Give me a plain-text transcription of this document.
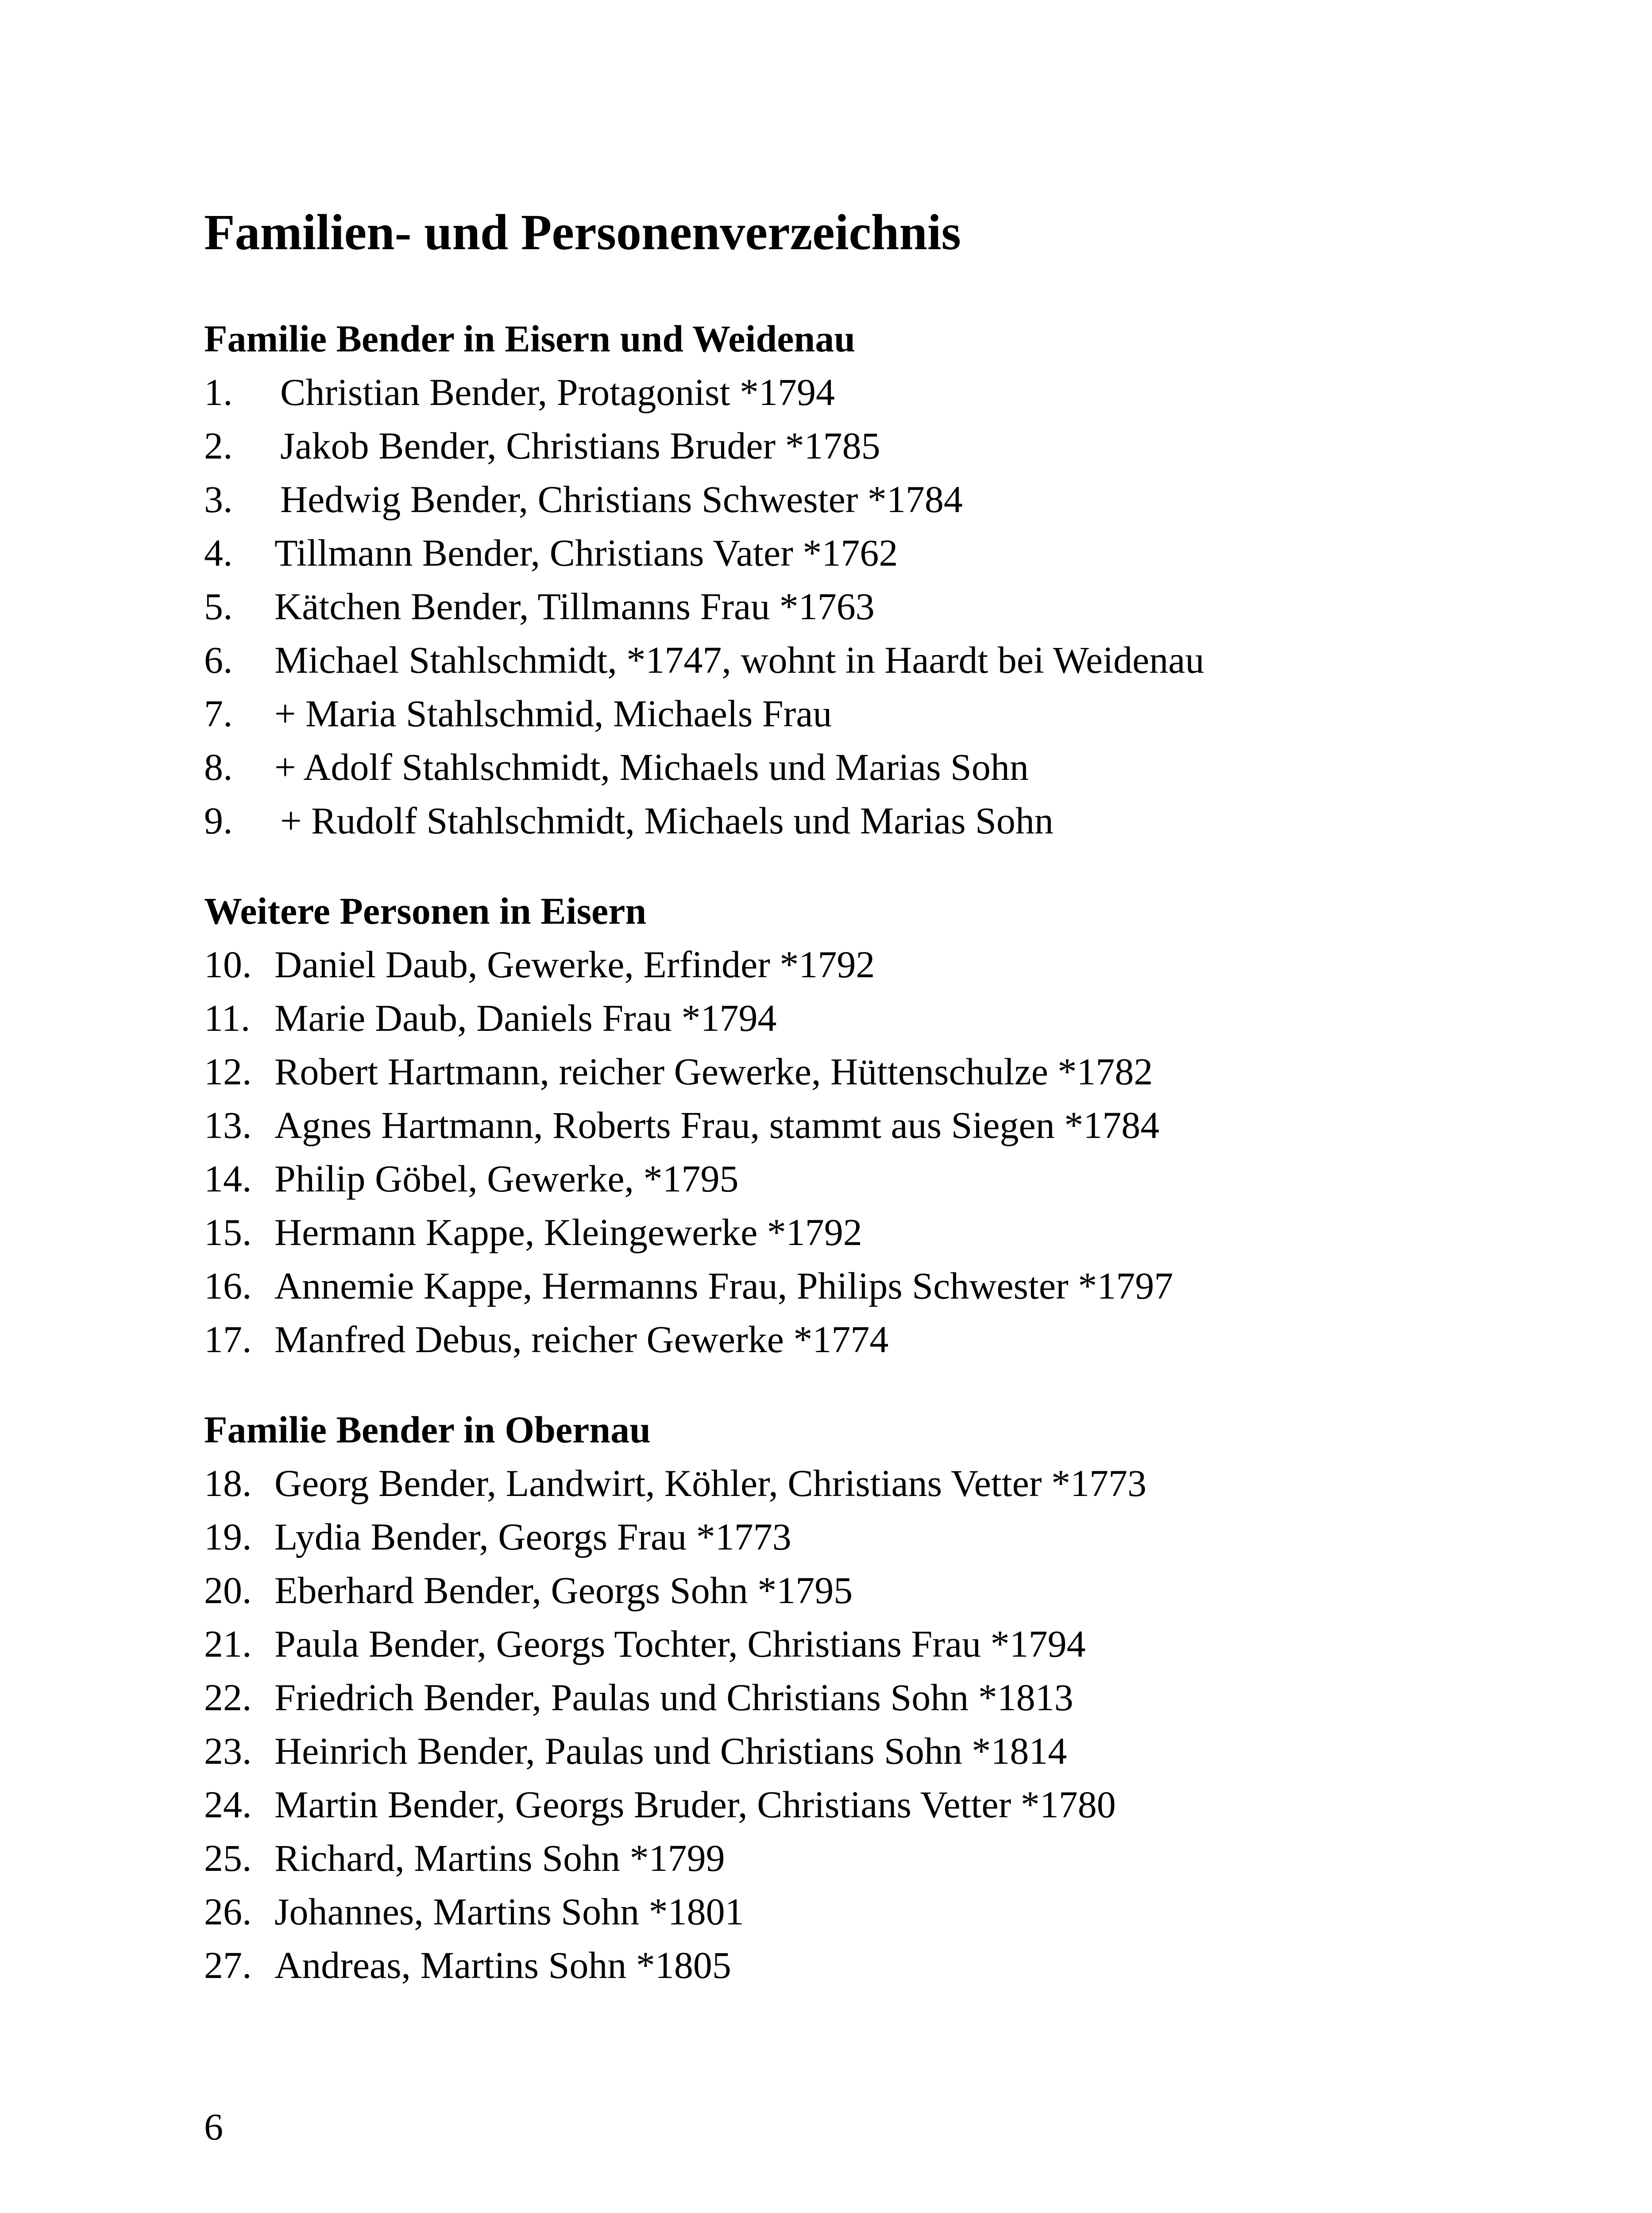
Familien- und Personenverzeichnis
Familie Bender in Eisern und Weidenau
1. Christian Bender, Protagonist *1794
2. Jakob Bender, Christians Bruder *1785
3. Hedwig Bender, Christians Schwester *1784
4. Tillmann Bender, Christians Vater *1762
5. Kätchen Bender, Tillmanns Frau *1763
6. Michael Stahlschmidt, *1747, wohnt in Haardt bei Weidenau
7. + Maria Stahlschmid, Michaels Frau
8. + Adolf Stahlschmidt, Michaels und Marias Sohn
9. + Rudolf Stahlschmidt, Michaels und Marias Sohn
Weitere Personen in Eisern
10. Daniel Daub, Gewerke, Erfinder *1792
11. Marie Daub, Daniels Frau *1794
12. Robert Hartmann, reicher Gewerke, Hüttenschulze *1782
13. Agnes Hartmann, Roberts Frau, stammt aus Siegen *1784
14. Philip Göbel, Gewerke, *1795
15. Hermann Kappe, Kleingewerke *1792
16. Annemie Kappe, Hermanns Frau, Philips Schwester *1797
17. Manfred Debus, reicher Gewerke *1774
Familie Bender in Obernau
18. Georg Bender, Landwirt, Köhler, Christians Vetter *1773
19. Lydia Bender, Georgs Frau *1773
20. Eberhard Bender, Georgs Sohn *1795
21. Paula Bender, Georgs Tochter, Christians Frau *1794
22. Friedrich Bender, Paulas und Christians Sohn *1813
23. Heinrich Bender, Paulas und Christians Sohn *1814
24. Martin Bender, Georgs Bruder, Christians Vetter *1780
25. Richard, Martins Sohn *1799
26. Johannes, Martins Sohn *1801
27. Andreas, Martins Sohn *1805
6
